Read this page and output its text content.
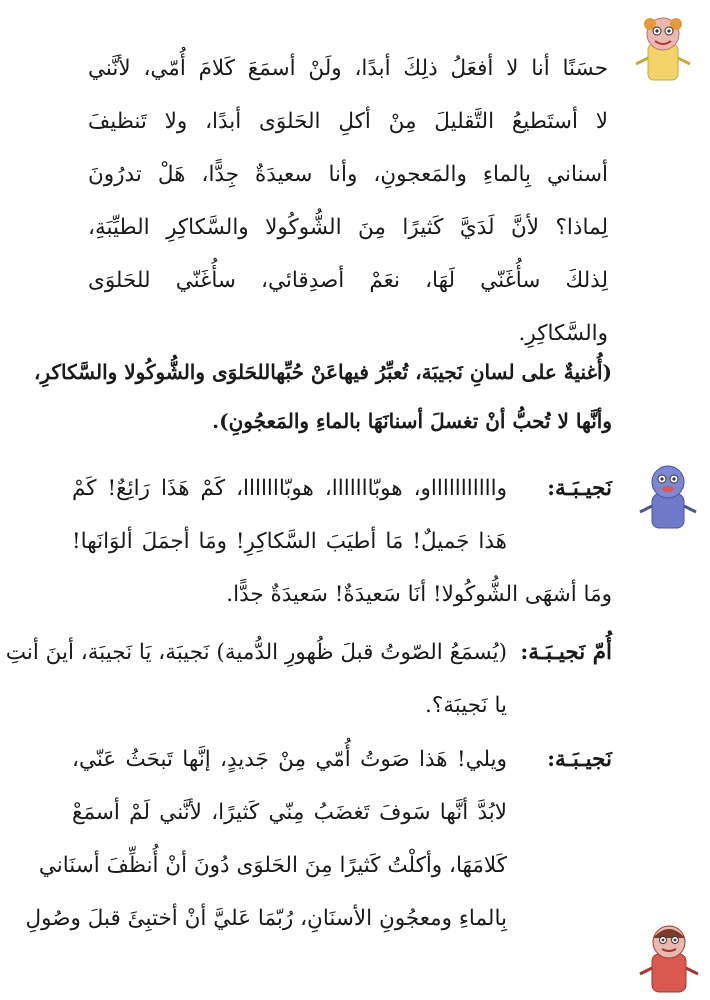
حسَنًا أنا لا أفعَلُ ذلِكَ أبدًا، ولَنْ أسمَعَ كَلامَ أُمّي، لأنَّني
لا أستَطيعُ التَّقليلَ مِنْ أكلِ الحَلوَى أبدًا، ولا تَنظيفَ
أسناني بِالماءِ والمَعجونِ، وأنا سعيدَةٌ جِدًّا، هَلْ تدرُونَ
لِماذا؟ لأنَّ لَدَيَّ كَثيرًا مِنَ الشُّوكُولا والسَّكاكِرِ الطيِّبَةِ،
لِذلكَ سأُغَنّي لَهَا، نعَمْ أصدِقائي، سأُغَنّي للحَلوَى
والسَّكاكِرِ.
(أُغنيةٌ على لسانِ نَجيبَة، تُعبِّرُ فيهاعَنْ حُبِّهاللحَلوَى والشُّوكُولا والسَّكاكرِ،
وأنَّها لا تُحبُّ أنْ تغسلَ أسنانَهَا بالماءِ والمَعجُونِ).
نَجيـبَـة:
واااااااااااو، هوبّااااااا، هوبّااااااا، كَمْ هَذَا رَائِعٌ! كَمْ
هَذا جَميلٌ! مَا أطيَبَ السَّكاكِرِ! ومَا أجمَلَ ألوَانَها!
ومَا أشهَى الشُّوكُولا! أنَا سَعيدَةٌ! سَعيدَةٌ جدًّا.
أُمّ نَجيـبَـة:
(يُسمَعُ الصّوتُ قبلَ ظُهورِ الدُّمية) نَجيبَة، يَا نَجيبَة، أينَ أنتِ
يا نَجيبَة؟.
نَجيـبَـة:
ويلي! هَذا صَوتُ أُمّي مِنْ جَديدٍ، إنَّها تَبحَثُ عَنّي،
لابُدَّ أنَّها سَوفَ تَغضَبُ مِنّي كَثيرًا، لأنَّني لَمْ أسمَعْ
كَلامَهَا، وأكلْتُ كَثيرًا مِنَ الحَلوَى دُونَ أنْ أُنظِّفَ أسنَاني
بِالماءِ ومعجُونِ الأسنَانِ، رُبّمَا عَليَّ أنْ أختبِئَ قبلَ وصُولِ
